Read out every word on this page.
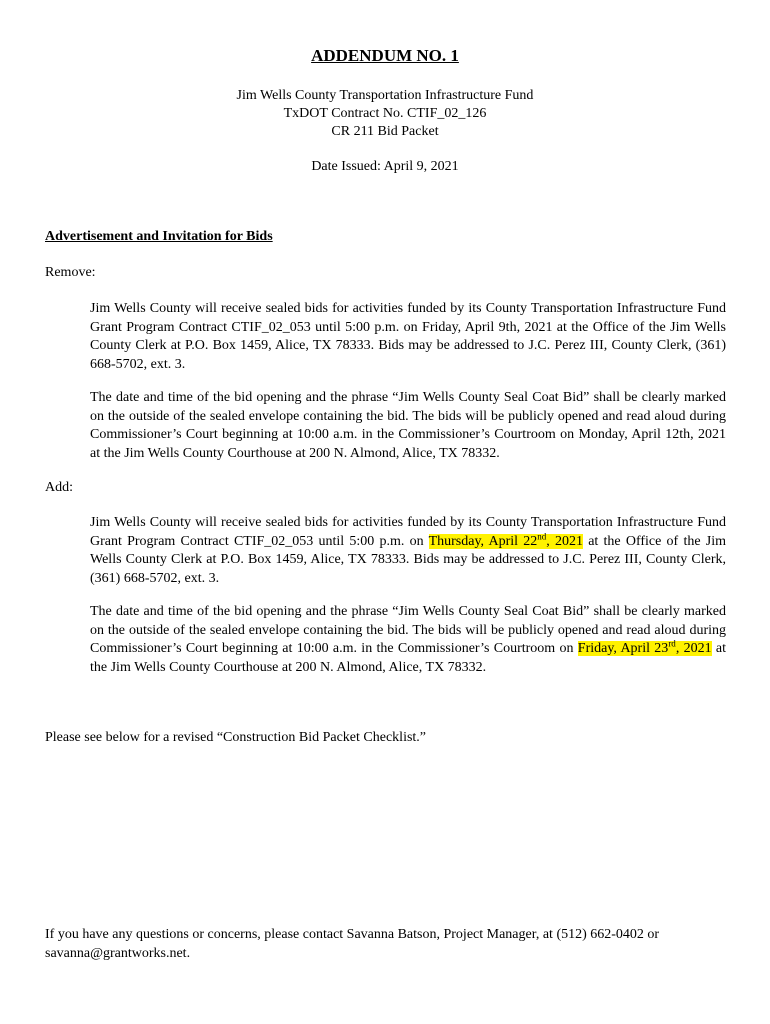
ADDENDUM NO. 1
Jim Wells County Transportation Infrastructure Fund
TxDOT Contract No. CTIF_02_126
CR 211 Bid Packet
Date Issued: April 9, 2021
Advertisement and Invitation for Bids
Remove:

Jim Wells County will receive sealed bids for activities funded by its County Transportation Infrastructure Fund Grant Program Contract CTIF_02_053 until 5:00 p.m. on Friday, April 9th, 2021 at the Office of the Jim Wells County Clerk at P.O. Box 1459, Alice, TX 78333. Bids may be addressed to J.C. Perez III, County Clerk, (361) 668-5702, ext. 3.

The date and time of the bid opening and the phrase “Jim Wells County Seal Coat Bid” shall be clearly marked on the outside of the sealed envelope containing the bid. The bids will be publicly opened and read aloud during Commissioner’s Court beginning at 10:00 a.m. in the Commissioner’s Courtroom on Monday, April 12th, 2021 at the Jim Wells County Courthouse at 200 N. Almond, Alice, TX 78332.

Add:

Jim Wells County will receive sealed bids for activities funded by its County Transportation Infrastructure Fund Grant Program Contract CTIF_02_053 until 5:00 p.m. on Thursday, April 22nd, 2021 at the Office of the Jim Wells County Clerk at P.O. Box 1459, Alice, TX 78333. Bids may be addressed to J.C. Perez III, County Clerk, (361) 668-5702, ext. 3.

The date and time of the bid opening and the phrase “Jim Wells County Seal Coat Bid” shall be clearly marked on the outside of the sealed envelope containing the bid. The bids will be publicly opened and read aloud during Commissioner’s Court beginning at 10:00 a.m. in the Commissioner’s Courtroom on Friday, April 23rd, 2021 at the Jim Wells County Courthouse at 200 N. Almond, Alice, TX 78332.

Please see below for a revised “Construction Bid Packet Checklist.”

If you have any questions or concerns, please contact Savanna Batson, Project Manager, at (512) 662-0402 or savanna@grantworks.net.
